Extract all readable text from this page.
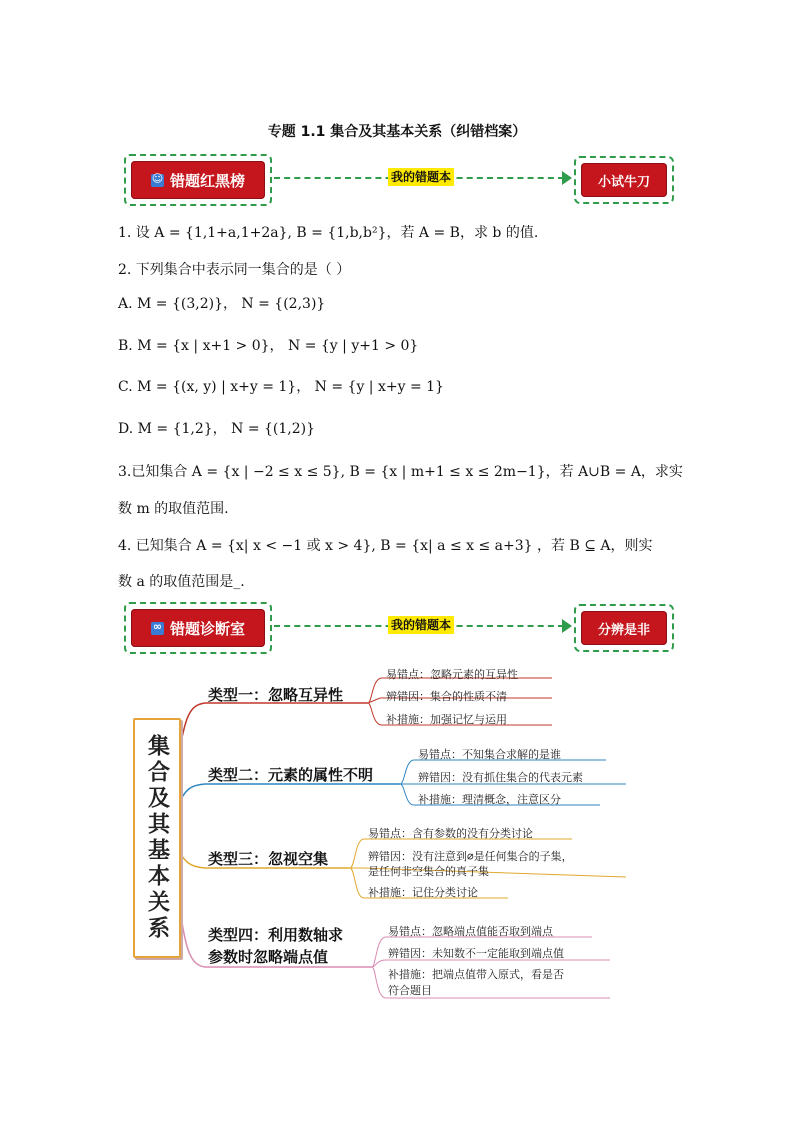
专题 1.1 集合及其基本关系（纠错档案）
☺ 错题红黑榜	我的错题本	小试牛刀
1. 设 A = {1,1+a,1+2a}, B = {1,b,b²}，若 A = B，求 b 的值.
2. 下列集合中表示同一集合的是（ ）
A. M = {(3,2)}， N = {(2,3)}
B. M = {x | x+1 > 0}， N = {y | y+1 > 0}
C. M = {(x, y) | x+y = 1}， N = {y | x+y = 1}
D. M = {1,2}， N = {(1,2)}
3.已知集合 A = {x | −2 ≤ x ≤ 5}, B = {x | m+1 ≤ x ≤ 2m−1}，若 A∪B = A，求实
数 m 的取值范围.
4. 已知集合 A = {x| x < −1 或 x > 4}, B = {x| a ≤ x ≤ a+3} ，若 B ⊆ A，则实
数 a 的取值范围是_.
∞ 错题诊断室	我的错题本	分辨是非
集合及其基本关系
类型一：忽略互异性
类型二：元素的属性不明
类型三：忽视空集
类型四：利用数轴求
参数时忽略端点值
易错点：忽略元素的互异性
辨错因：集合的性质不清
补措施：加强记忆与运用
易错点：不知集合求解的是谁
辨错因：没有抓住集合的代表元素
补措施：理清概念，注意区分
易错点：含有参数的没有分类讨论
辨错因：没有注意到∅是任何集合的子集，
是任何非空集合的真子集
补措施：记住分类讨论
易错点：忽略端点值能否取到端点
辨错因：未知数不一定能取到端点值
补措施：把端点值带入原式，看是否
符合题目
